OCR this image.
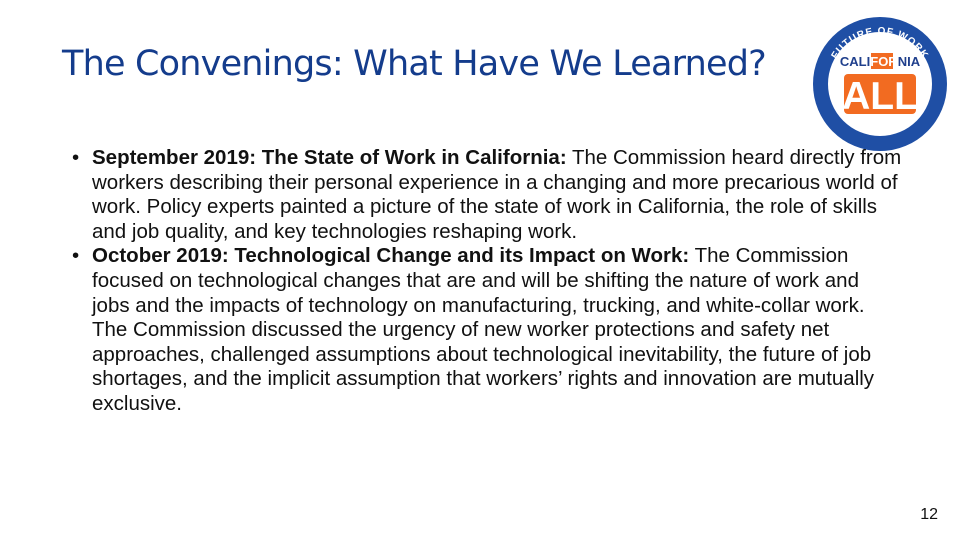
The Convenings: What Have We Learned?	FUTURE OF WORK
COMMISSION
CALIFORNIA
ALL
• September 2019: The State of Work in California: The Commission heard directly from workers describing their personal experience in a changing and more precarious world of work. Policy experts painted a picture of the state of work in California, the role of skills and job quality, and key technologies reshaping work.
• October 2019: Technological Change and its Impact on Work: The Commission focused on technological changes that are and will be shifting the nature of work and jobs and the impacts of technology on manufacturing, trucking, and white-collar work. The Commission discussed the urgency of new worker protections and safety net approaches, challenged assumptions about technological inevitability, the future of job shortages, and the implicit assumption that workers’ rights and innovation are mutually exclusive.
12
